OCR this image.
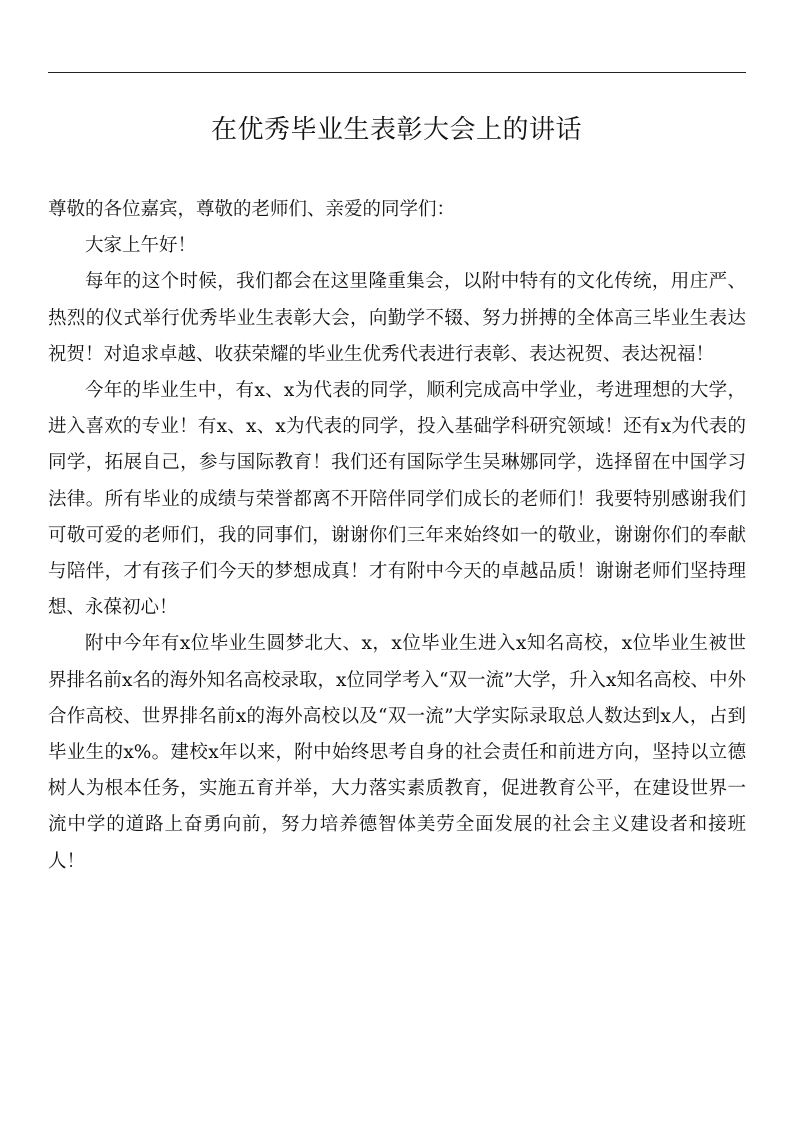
在优秀毕业生表彰大会上的讲话

尊敬的各位嘉宾，尊敬的老师们、亲爱的同学们：

大家上午好！

每年的这个时候，我们都会在这里隆重集会，以附中特有的文化传统，用庄严、热烈的仪式举行优秀毕业生表彰大会，向勤学不辍、努力拼搏的全体高三毕业生表达祝贺！对追求卓越、收获荣耀的毕业生优秀代表进行表彰、表达祝贺、表达祝福！

今年的毕业生中，有x、x为代表的同学，顺利完成高中学业，考进理想的大学，进入喜欢的专业！有x、x、x为代表的同学，投入基础学科研究领域！还有x为代表的同学，拓展自己，参与国际教育！我们还有国际学生吴琳娜同学，选择留在中国学习法律。所有毕业的成绩与荣誉都离不开陪伴同学们成长的老师们！我要特别感谢我们可敬可爱的老师们，我的同事们，谢谢你们三年来始终如一的敬业，谢谢你们的奉献与陪伴，才有孩子们今天的梦想成真！才有附中今天的卓越品质！谢谢老师们坚持理想、永葆初心！

附中今年有x位毕业生圆梦北大、x，x位毕业生进入x知名高校，x位毕业生被世界排名前x名的海外知名高校录取，x位同学考入“双一流”大学，升入x知名高校、中外合作高校、世界排名前x的海外高校以及“双一流”大学实际录取总人数达到x人，占到毕业生的x%。建校x年以来，附中始终思考自身的社会责任和前进方向，坚持以立德树人为根本任务，实施五育并举，大力落实素质教育，促进教育公平，在建设世界一流中学的道路上奋勇向前，努力培养德智体美劳全面发展的社会主义建设者和接班人！
